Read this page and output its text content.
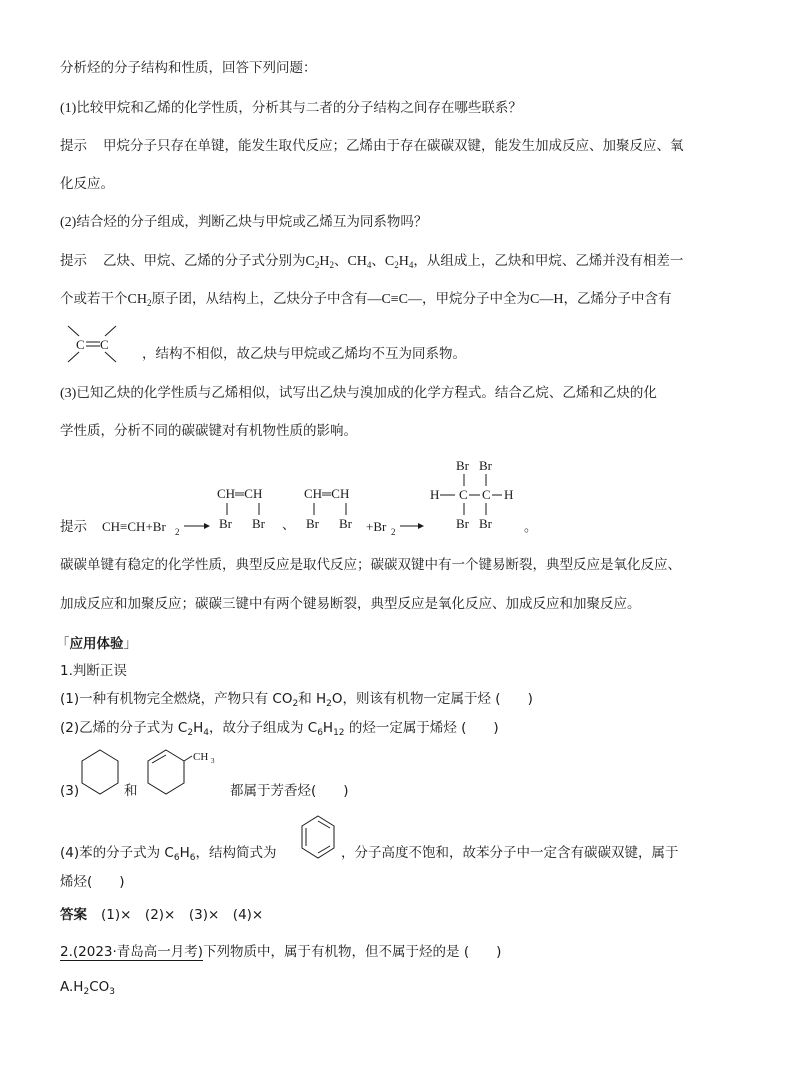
分析烃的分子结构和性质，回答下列问题：
(1)比较甲烷和乙烯的化学性质，分析其与二者的分子结构之间存在哪些联系？
提示 甲烷分子只存在单键，能发生取代反应；乙烯由于存在碳碳双键，能发生加成反应、加聚反应、氧
化反应。
(2)结合烃的分子组成，判断乙炔与甲烷或乙烯互为同系物吗？
提示 乙炔、甲烷、乙烯的分子式分别为$C_2H_2$、$CH_4$、$C_2H_4$，从组成上，乙炔和甲烷、乙烯并没有相差一
个或若干个$CH_2$原子团，从结构上，乙炔分子中含有—C≡C—，甲烷分子中全为C—H，乙烯分子中含有
C C
，结构不相似，故乙炔与甲烷或乙烯均不互为同系物。
(3)已知乙炔的化学性质与乙烯相似，试写出乙炔与溴加成的化学方程式。结合乙烷、乙烯和乙炔的化
学性质，分析不同的碳碳键对有机物性质的影响。
提示 CH≡CH+Br 2
CH═CH
Br Br 、
CH═CH
Br Br +Br 2
Br Br
H C C H
Br Br 。
碳碳单键有稳定的化学性质，典型反应是取代反应；碳碳双键中有一个键易断裂，典型反应是氧化反应、
加成反应和加聚反应；碳碳三键中有两个键易断裂，典型反应是氧化反应、加成反应和加聚反应。
「应用体验」
1.判断正误
(1)一种有机物完全燃烧，产物只有 $CO_2$和 $H_2O$，则该有机物一定属于烃 (　　)
(2)乙烯的分子式为 $C_2H_4$，故分子组成为 $C_6H_{12}$ 的烃一定属于烯烃 (　　)
(3)	和
CH 3
都属于芳香烃(　　)
(4)苯的分子式为 $C_6H_6$，结构简式为	，分子高度不饱和，故苯分子中一定含有碳碳双键，属于
烯烃(　　)
答案 (1)×　(2)×　(3)×　(4)×
2.(2023·青岛高一月考)下列物质中，属于有机物，但不属于烃的是 (　　)
$A.H_2CO_3$
